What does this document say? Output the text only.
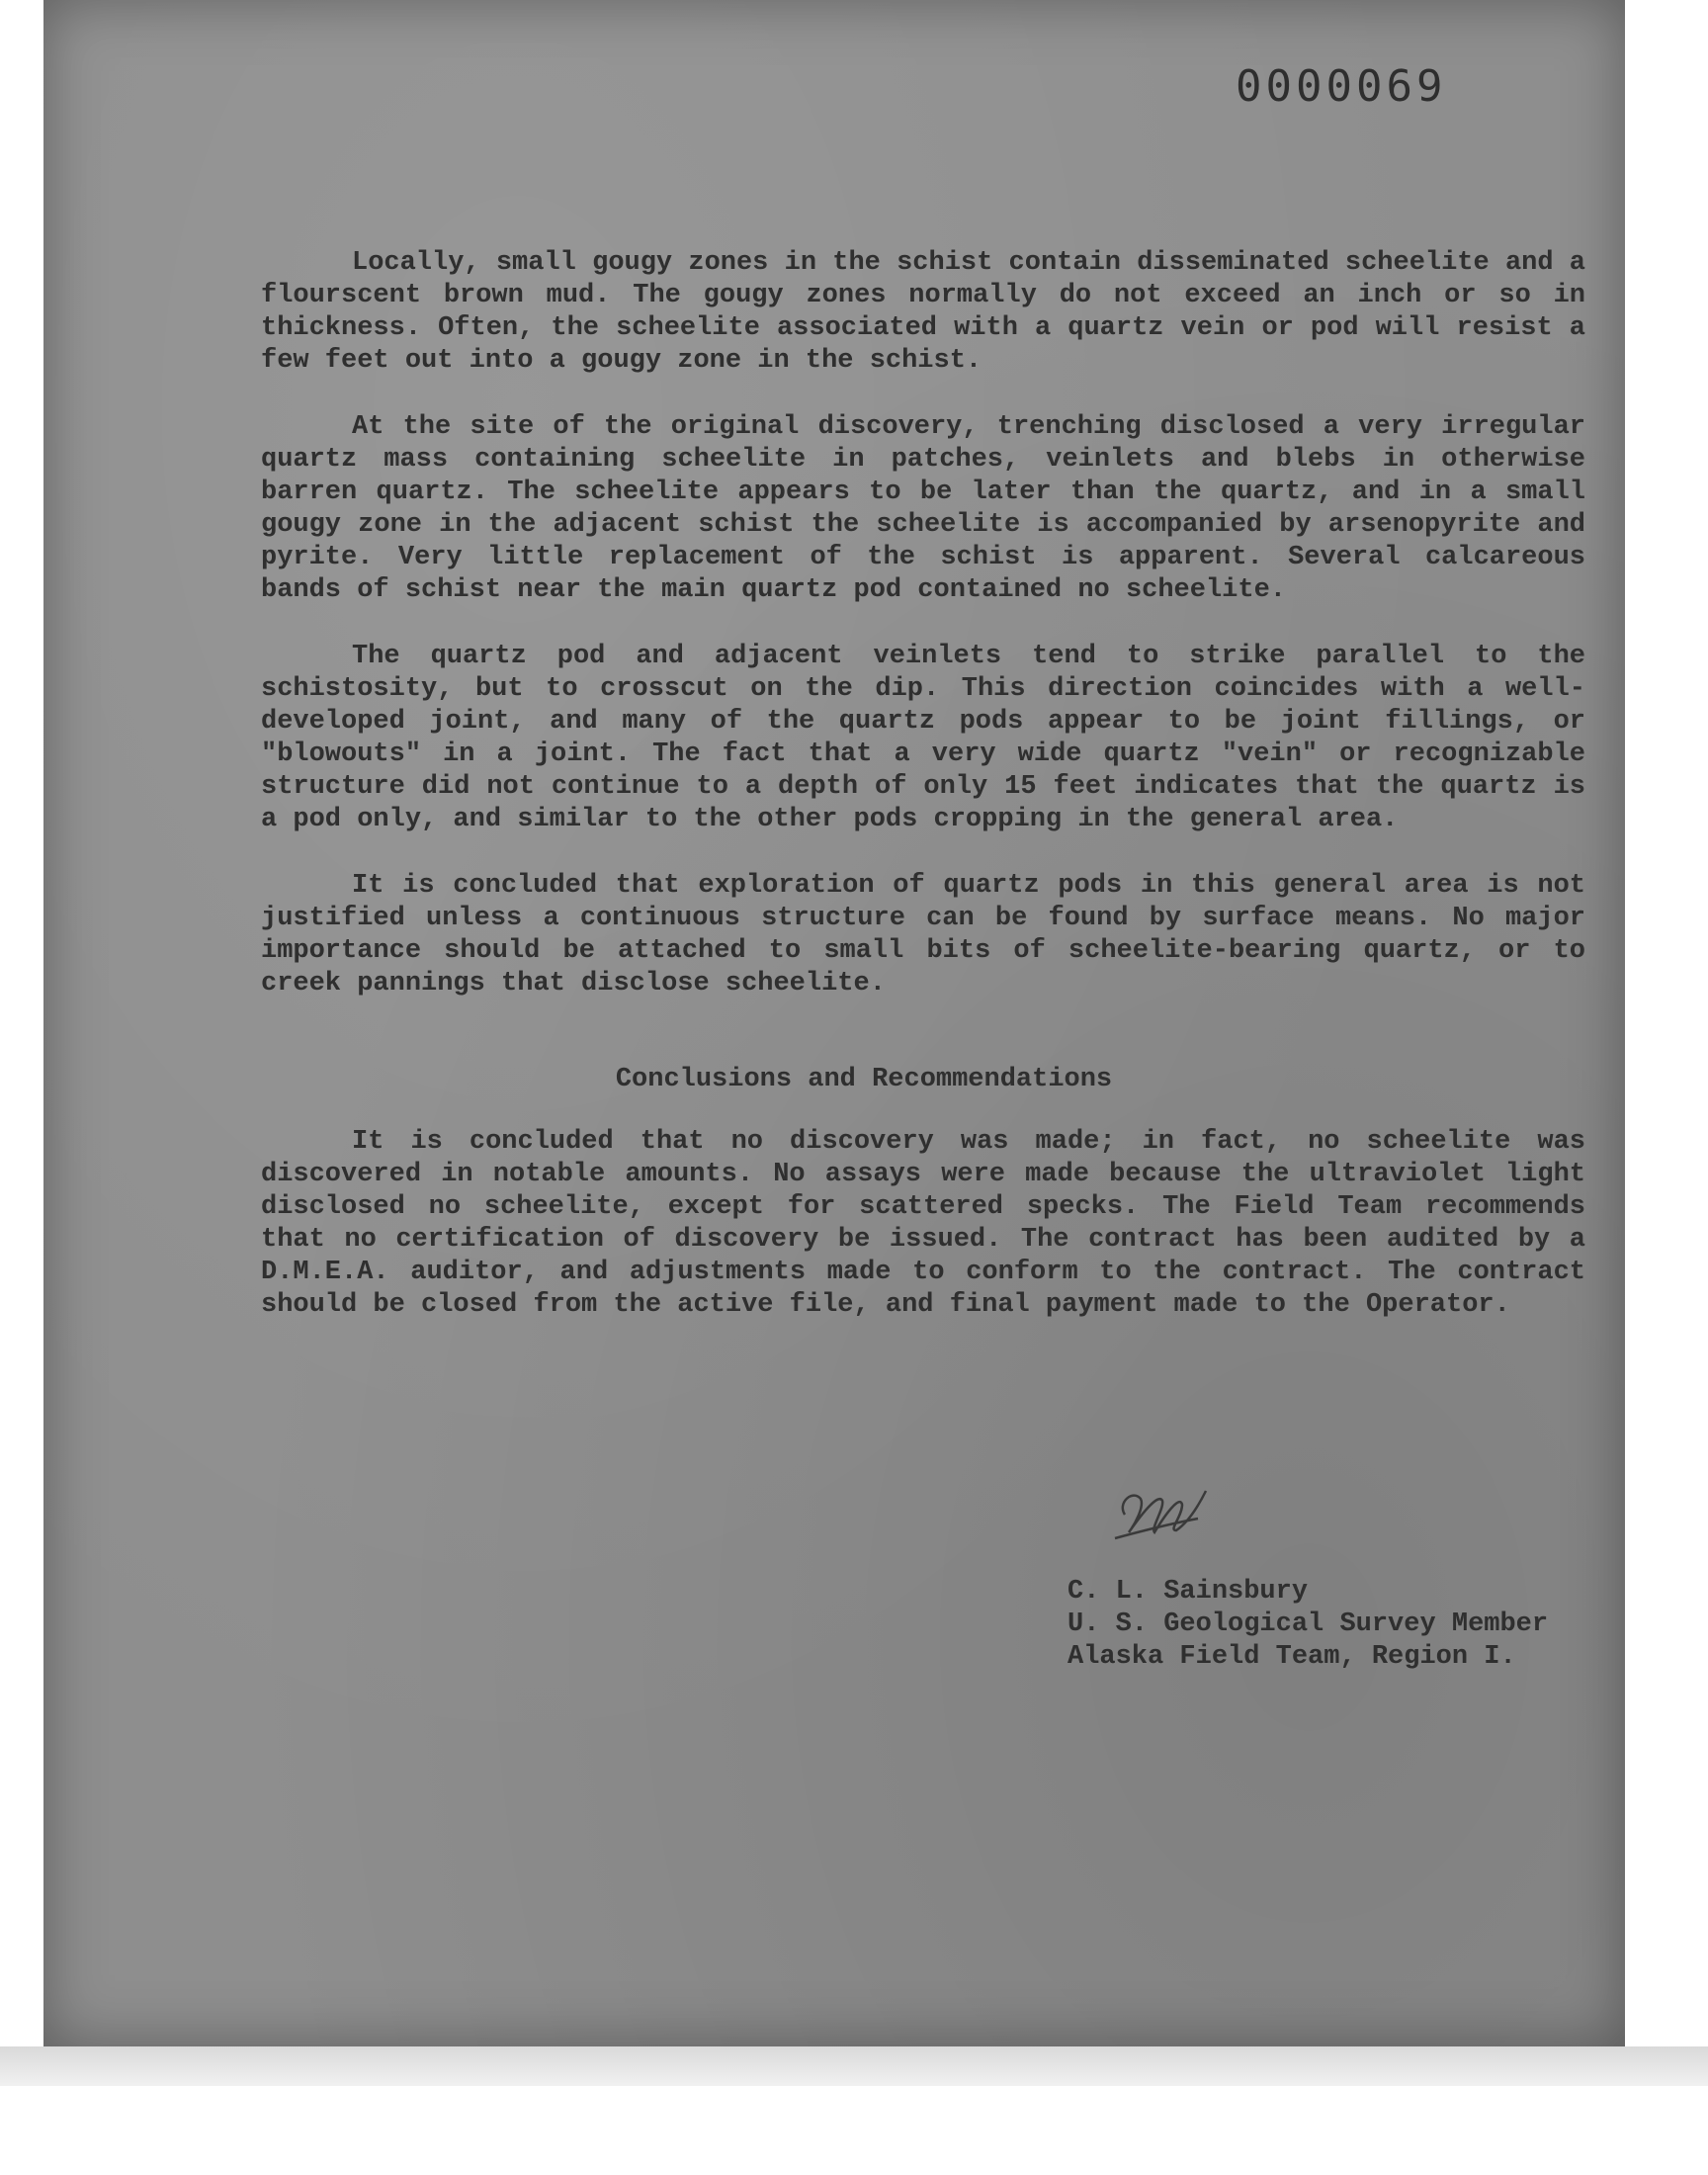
0000069

Locally, small gougy zones in the schist contain disseminated scheelite and a flourscent brown mud. The gougy zones normally do not exceed an inch or so in thickness. Often, the scheelite associated with a quartz vein or pod will resist a few feet out into a gougy zone in the schist.

At the site of the original discovery, trenching disclosed a very irregular quartz mass containing scheelite in patches, veinlets and blebs in otherwise barren quartz. The scheelite appears to be later than the quartz, and in a small gougy zone in the adjacent schist the scheelite is accompanied by arsenopyrite and pyrite. Very little replacement of the schist is apparent. Several calcareous bands of schist near the main quartz pod contained no scheelite.

The quartz pod and adjacent veinlets tend to strike parallel to the schistosity, but to crosscut on the dip. This direction coincides with a well-developed joint, and many of the quartz pods appear to be joint fillings, or "blowouts" in a joint. The fact that a very wide quartz "vein" or recognizable structure did not continue to a depth of only 15 feet indicates that the quartz is a pod only, and similar to the other pods cropping in the general area.

It is concluded that exploration of quartz pods in this general area is not justified unless a continuous structure can be found by surface means. No major importance should be attached to small bits of scheelite-bearing quartz, or to creek pannings that disclose scheelite.

Conclusions and Recommendations

It is concluded that no discovery was made; in fact, no scheelite was discovered in notable amounts. No assays were made because the ultraviolet light disclosed no scheelite, except for scattered specks. The Field Team recommends that no certification of discovery be issued. The contract has been audited by a D.M.E.A. auditor, and adjustments made to conform to the contract. The contract should be closed from the active file, and final payment made to the Operator.

C. L. Sainsbury
U. S. Geological Survey Member
Alaska Field Team, Region I.
